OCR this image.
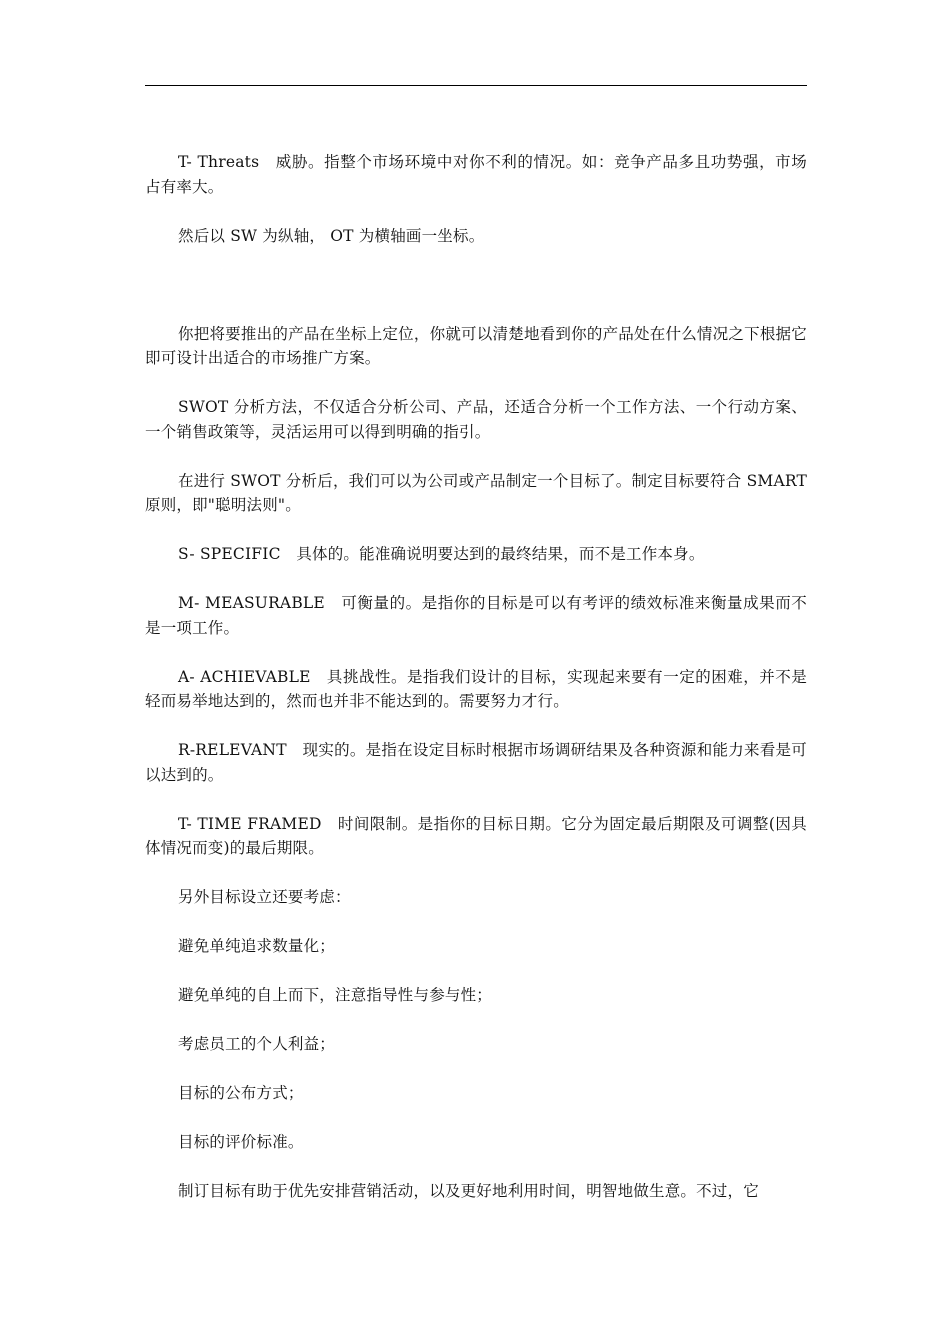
T- Threats　威胁。指整个市场环境中对你不利的情况。如：竞争产品多且功势强，市场占有率大。

然后以 SW 为纵轴， OT 为横轴画一坐标。

你把将要推出的产品在坐标上定位，你就可以清楚地看到你的产品处在什么情况之下根据它即可设计出适合的市场推广方案。

SWOT 分析方法，不仅适合分析公司、产品，还适合分析一个工作方法、一个行动方案、一个销售政策等，灵活运用可以得到明确的指引。

在进行 SWOT 分析后，我们可以为公司或产品制定一个目标了。制定目标要符合 SMART 原则，即"聪明法则"。

S- SPECIFIC　具体的。能准确说明要达到的最终结果，而不是工作本身。

M- MEASURABLE　可衡量的。是指你的目标是可以有考评的绩效标准来衡量成果而不是一项工作。

A- ACHIEVABLE　具挑战性。是指我们设计的目标，实现起来要有一定的困难，并不是轻而易举地达到的，然而也并非不能达到的。需要努力才行。

R-RELEVANT　现实的。是指在设定目标时根据市场调研结果及各种资源和能力来看是可以达到的。

T- TIME FRAMED　时间限制。是指你的目标日期。它分为固定最后期限及可调整(因具体情况而变)的最后期限。

另外目标设立还要考虑：

避免单纯追求数量化；

避免单纯的自上而下，注意指导性与参与性；

考虑员工的个人利益；

目标的公布方式；

目标的评价标准。

制订目标有助于优先安排营销活动，以及更好地利用时间，明智地做生意。不过，它
